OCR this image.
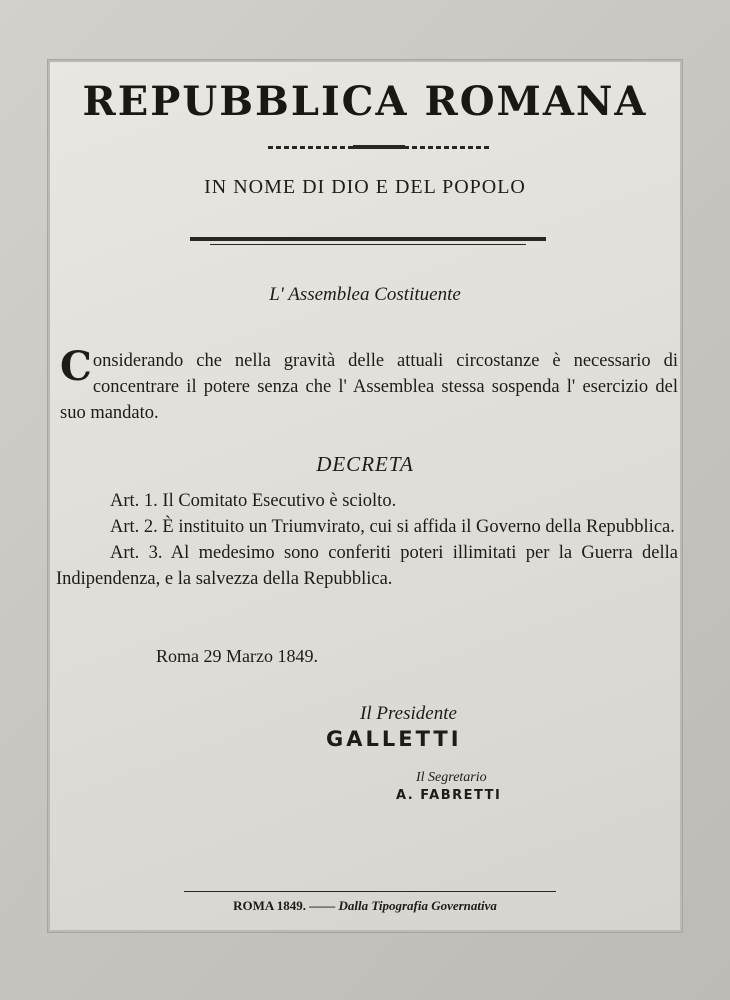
REPUBBLICA ROMANA
IN NOME DI DIO E DEL POPOLO
L' Assemblea Costituente
Considerando che nella gravità delle attuali circostanze è necessario di concentrare il potere senza che l' Assemblea stessa sospenda l' esercizio del suo mandato.
DECRETA

Art. 1. Il Comitato Esecutivo è sciolto.

Art. 2. È instituito un Triumvirato, cui si affida il Governo della Repubblica.

Art. 3. Al medesimo sono conferiti poteri illimitati per la Guerra della Indipendenza, e la salvezza della Repubblica.

Roma 29 Marzo 1849.
Il Presidente
GALLETTI
Il Segretario
A. FABRETTI
ROMA 1849. —— Dalla Tipografia Governativa
